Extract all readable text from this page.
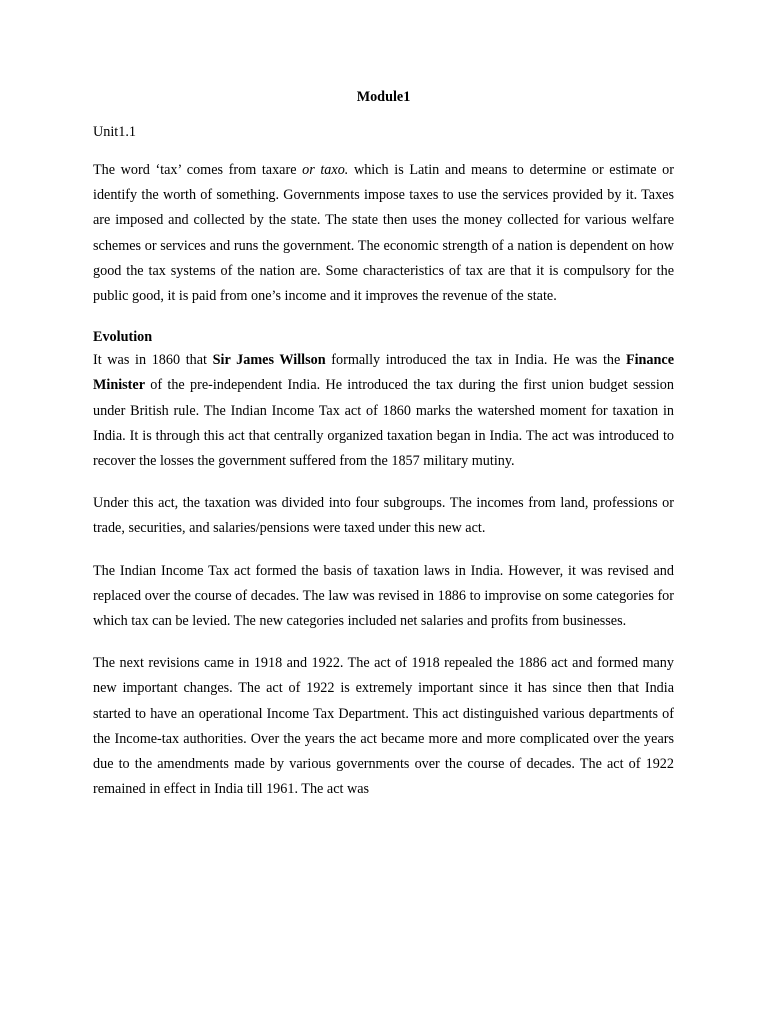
Module1
Unit1.1

The word ‘tax’ comes from taxare or taxo. which is Latin and means to determine or estimate or identify the worth of something. Governments impose taxes to use the services provided by it. Taxes are imposed and collected by the state. The state then uses the money collected for various welfare schemes or services and runs the government. The economic strength of a nation is dependent on how good the tax systems of the nation are. Some characteristics of tax are that it is compulsory for the public good, it is paid from one’s income and it improves the revenue of the state.

Evolution

It was in 1860 that Sir James Willson formally introduced the tax in India. He was the Finance Minister of the pre-independent India. He introduced the tax during the first union budget session under British rule. The Indian Income Tax act of 1860 marks the watershed moment for taxation in India. It is through this act that centrally organized taxation began in India. The act was introduced to recover the losses the government suffered from the 1857 military mutiny.

Under this act, the taxation was divided into four subgroups. The incomes from land, professions or trade, securities, and salaries/pensions were taxed under this new act.

The Indian Income Tax act formed the basis of taxation laws in India. However, it was revised and replaced over the course of decades. The law was revised in 1886 to improvise on some categories for which tax can be levied. The new categories included net salaries and profits from businesses.

The next revisions came in 1918 and 1922. The act of 1918 repealed the 1886 act and formed many new important changes. The act of 1922 is extremely important since it has since then that India started to have an operational Income Tax Department. This act distinguished various departments of the Income-tax authorities. Over the years the act became more and more complicated over the years due to the amendments made by various governments over the course of decades. The act of 1922 remained in effect in India till 1961. The act was
